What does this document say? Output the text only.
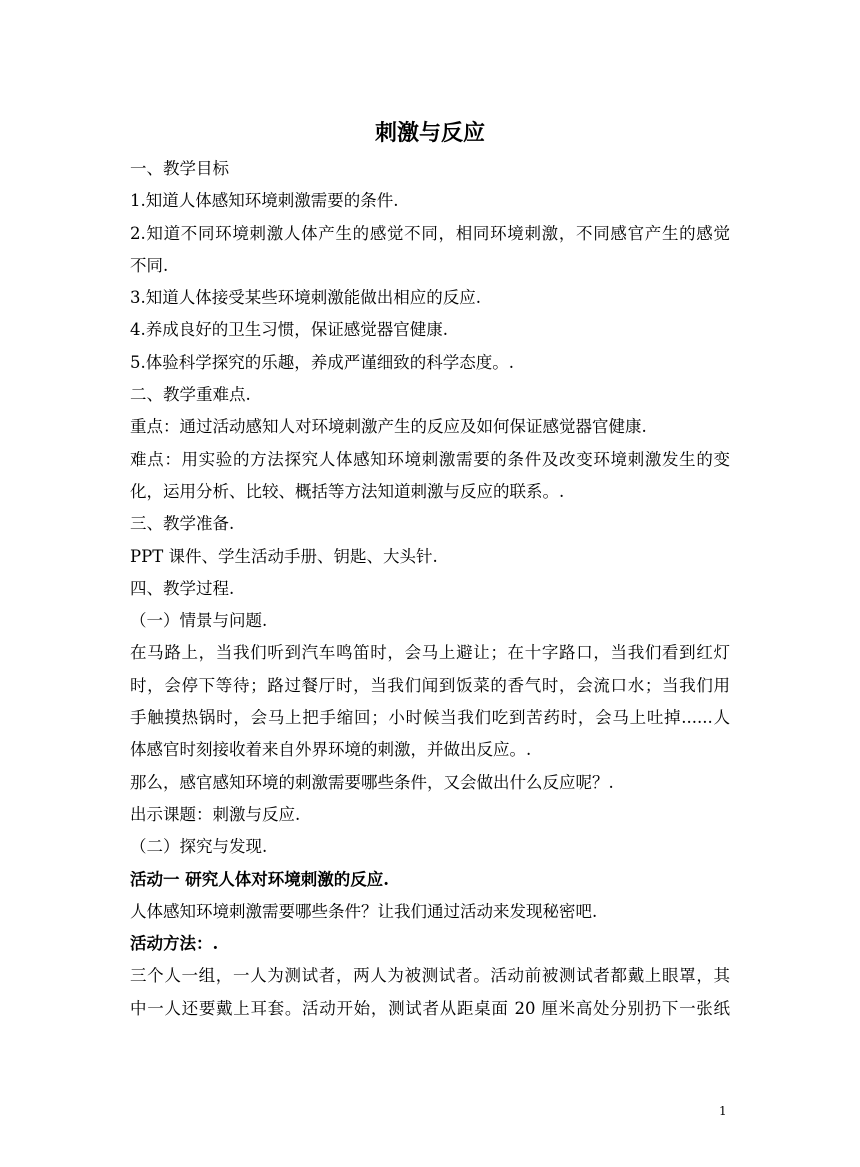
刺激与反应

一、教学目标

1.知道人体感知环境刺激需要的条件.

2.知道不同环境刺激人体产生的感觉不同，相同环境刺激，不同感官产生的感觉

不同.

3.知道人体接受某些环境刺激能做出相应的反应.

4.养成良好的卫生习惯，保证感觉器官健康.

5.体验科学探究的乐趣，养成严谨细致的科学态度。.

二、教学重难点.

重点：通过活动感知人对环境刺激产生的反应及如何保证感觉器官健康.

难点：用实验的方法探究人体感知环境刺激需要的条件及改变环境刺激发生的变

化，运用分析、比较、概括等方法知道刺激与反应的联系。.

三、教学准备.

PPT 课件、学生活动手册、钥匙、大头针.

四、教学过程.

（一）情景与问题.

在马路上，当我们听到汽车鸣笛时，会马上避让；在十字路口，当我们看到红灯

时，会停下等待；路过餐厅时，当我们闻到饭菜的香气时，会流口水；当我们用

手触摸热锅时，会马上把手缩回；小时候当我们吃到苦药时，会马上吐掉......人

体感官时刻接收着来自外界环境的刺激，并做出反应。.

那么，感官感知环境的刺激需要哪些条件，又会做出什么反应呢？.

出示课题：刺激与反应.

（二）探究与发现.

活动一 研究人体对环境刺激的反应.

人体感知环境刺激需要哪些条件？让我们通过活动来发现秘密吧.

活动方法：.

三个人一组，一人为测试者，两人为被测试者。活动前被测试者都戴上眼罩，其

中一人还要戴上耳套。活动开始，测试者从距桌面 20 厘米高处分别扔下一张纸

1
